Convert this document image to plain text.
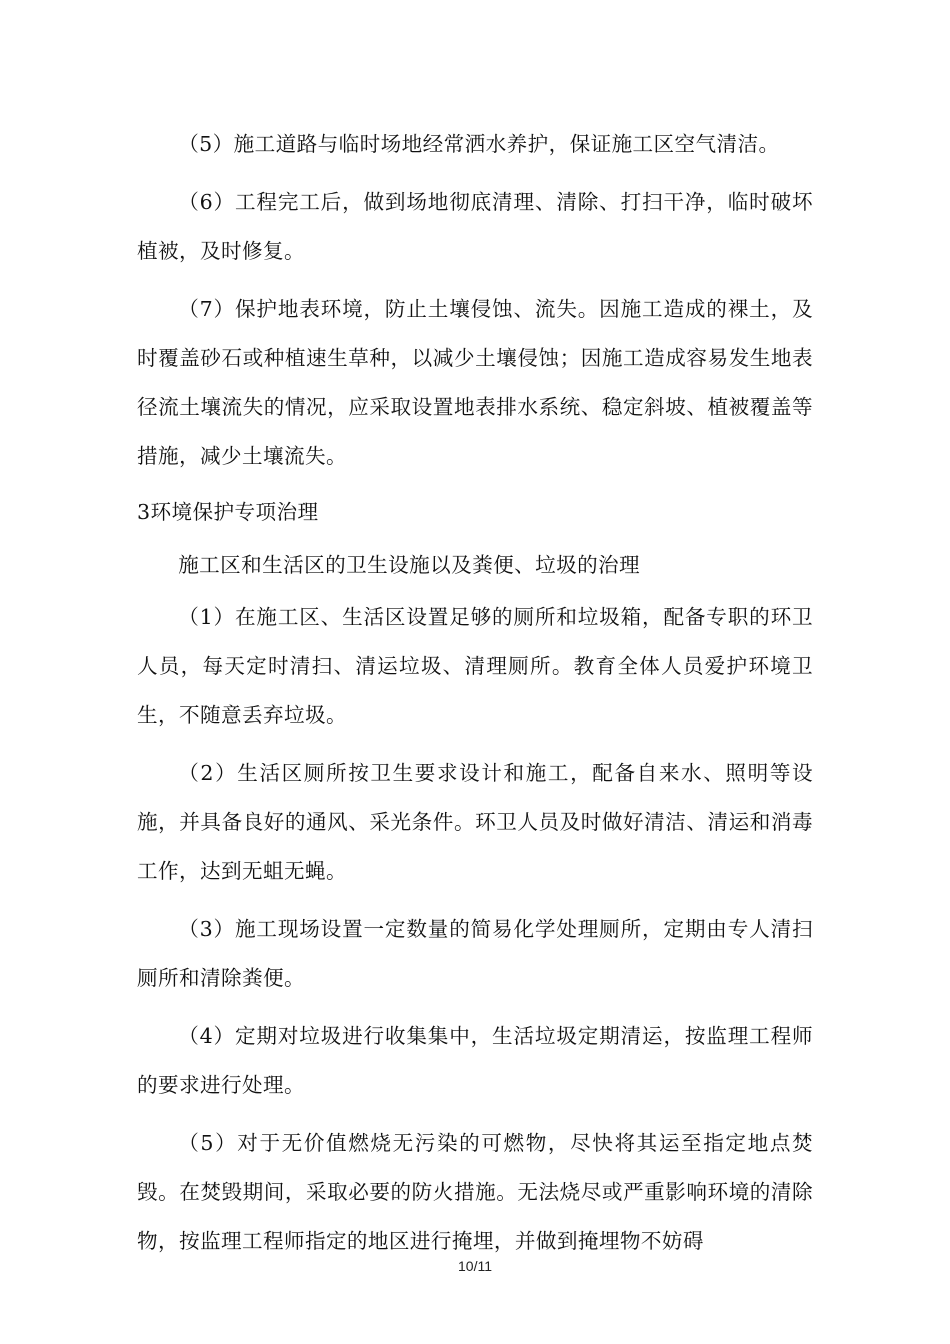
（5）施工道路与临时场地经常洒水养护，保证施工区空气清洁。

（6）工程完工后，做到场地彻底清理、清除、打扫干净，临时破坏植被，及时修复。

（7）保护地表环境，防止土壤侵蚀、流失。因施工造成的裸土，及时覆盖砂石或种植速生草种，以减少土壤侵蚀；因施工造成容易发生地表径流土壤流失的情况，应采取设置地表排水系统、稳定斜坡、植被覆盖等措施，减少土壤流失。

3环境保护专项治理

施工区和生活区的卫生设施以及粪便、垃圾的治理

（1）在施工区、生活区设置足够的厕所和垃圾箱，配备专职的环卫人员，每天定时清扫、清运垃圾、清理厕所。教育全体人员爱护环境卫生，不随意丢弃垃圾。

（2）生活区厕所按卫生要求设计和施工，配备自来水、照明等设施，并具备良好的通风、采光条件。环卫人员及时做好清洁、清运和消毒工作，达到无蛆无蝇。

（3）施工现场设置一定数量的简易化学处理厕所，定期由专人清扫厕所和清除粪便。

（4）定期对垃圾进行收集集中，生活垃圾定期清运，按监理工程师的要求进行处理。

（5）对于无价值燃烧无污染的可燃物，尽快将其运至指定地点焚毁。在焚毁期间，采取必要的防火措施。无法烧尽或严重影响环境的清除物，按监理工程师指定的地区进行掩埋，并做到掩埋物不妨碍

10/11
